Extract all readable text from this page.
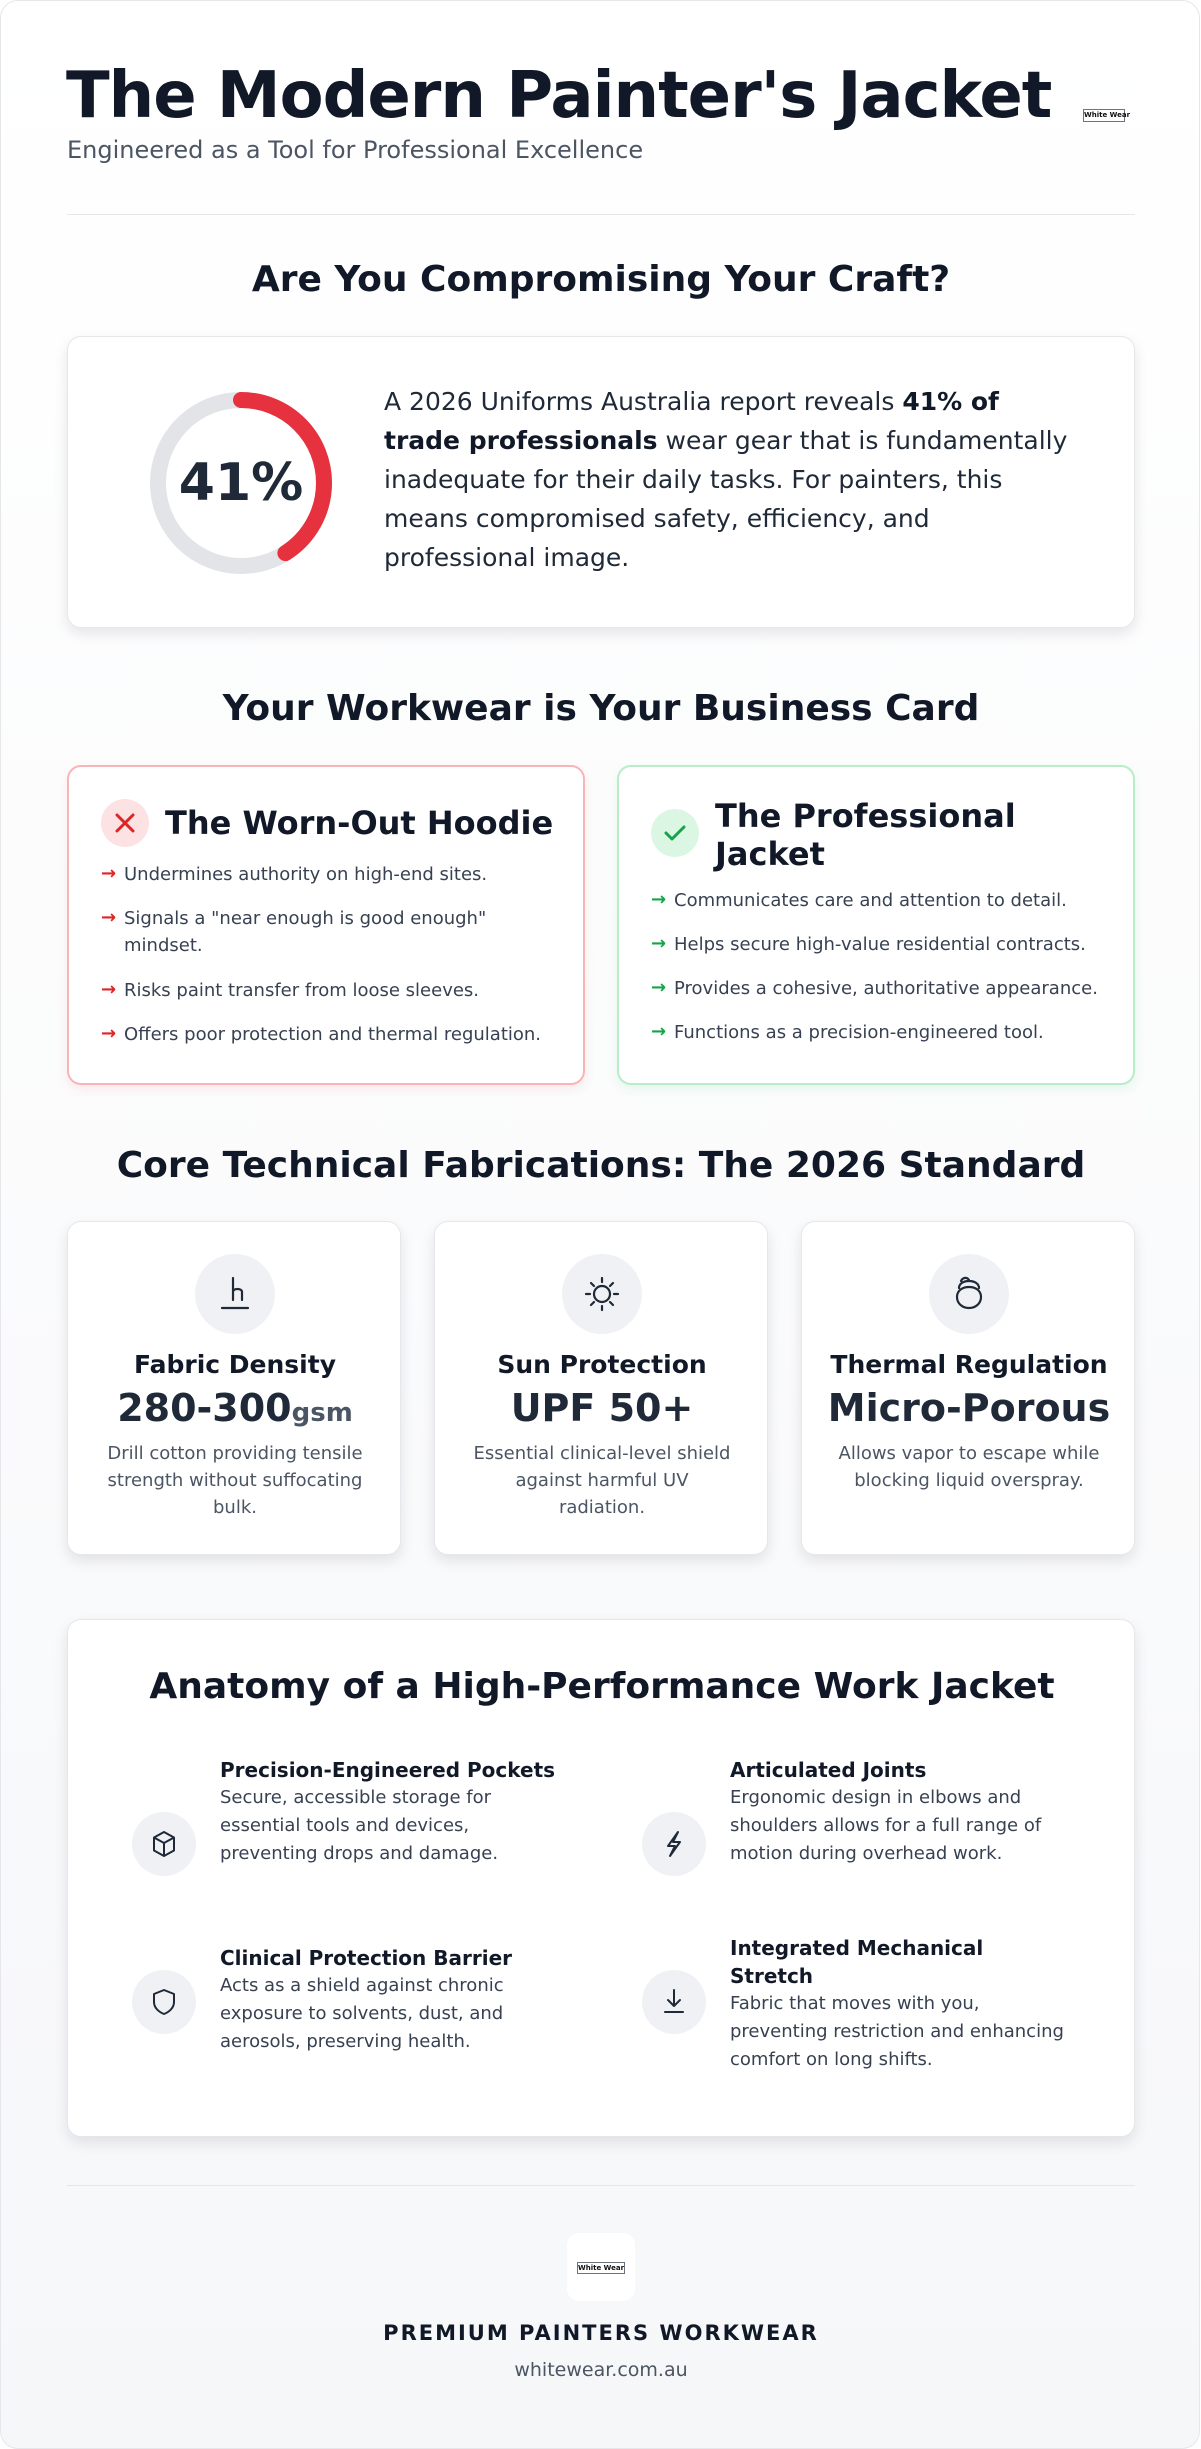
The Modern Painter's Jacket
Engineered as a Tool for Professional Excellence
White Wear
Are You Compromising Your Craft?
41%
A 2026 Uniforms Australia report reveals 41% of trade professionals wear gear that is fundamentally inadequate for their daily tasks. For painters, this means compromised safety, efficiency, and professional image.
Your Workwear is Your Business Card
The Worn-Out Hoodie
→ Undermines authority on high-end sites.
→ Signals a "near enough is good enough" mindset.
→ Risks paint transfer from loose sleeves.
→ Offers poor protection and thermal regulation.
The Professional Jacket
→ Communicates care and attention to detail.
→ Helps secure high-value residential contracts.
→ Provides a cohesive, authoritative appearance.
→ Functions as a precision-engineered tool.
Core Technical Fabrications: The 2026 Standard
Fabric Density
280-300gsm
Drill cotton providing tensile strength without suffocating bulk.
Sun Protection
UPF 50+
Essential clinical-level shield against harmful UV radiation.
Thermal Regulation
Micro-Porous
Allows vapor to escape while blocking liquid overspray.
Anatomy of a High-Performance Work Jacket
Precision-Engineered Pockets
Secure, accessible storage for essential tools and devices, preventing drops and damage.
Articulated Joints
Ergonomic design in elbows and shoulders allows for a full range of motion during overhead work.
Clinical Protection Barrier
Acts as a shield against chronic exposure to solvents, dust, and aerosols, preserving health.
Integrated Mechanical Stretch
Fabric that moves with you, preventing restriction and enhancing comfort on long shifts.
White Wear
PREMIUM PAINTERS WORKWEAR
whitewear.com.au
